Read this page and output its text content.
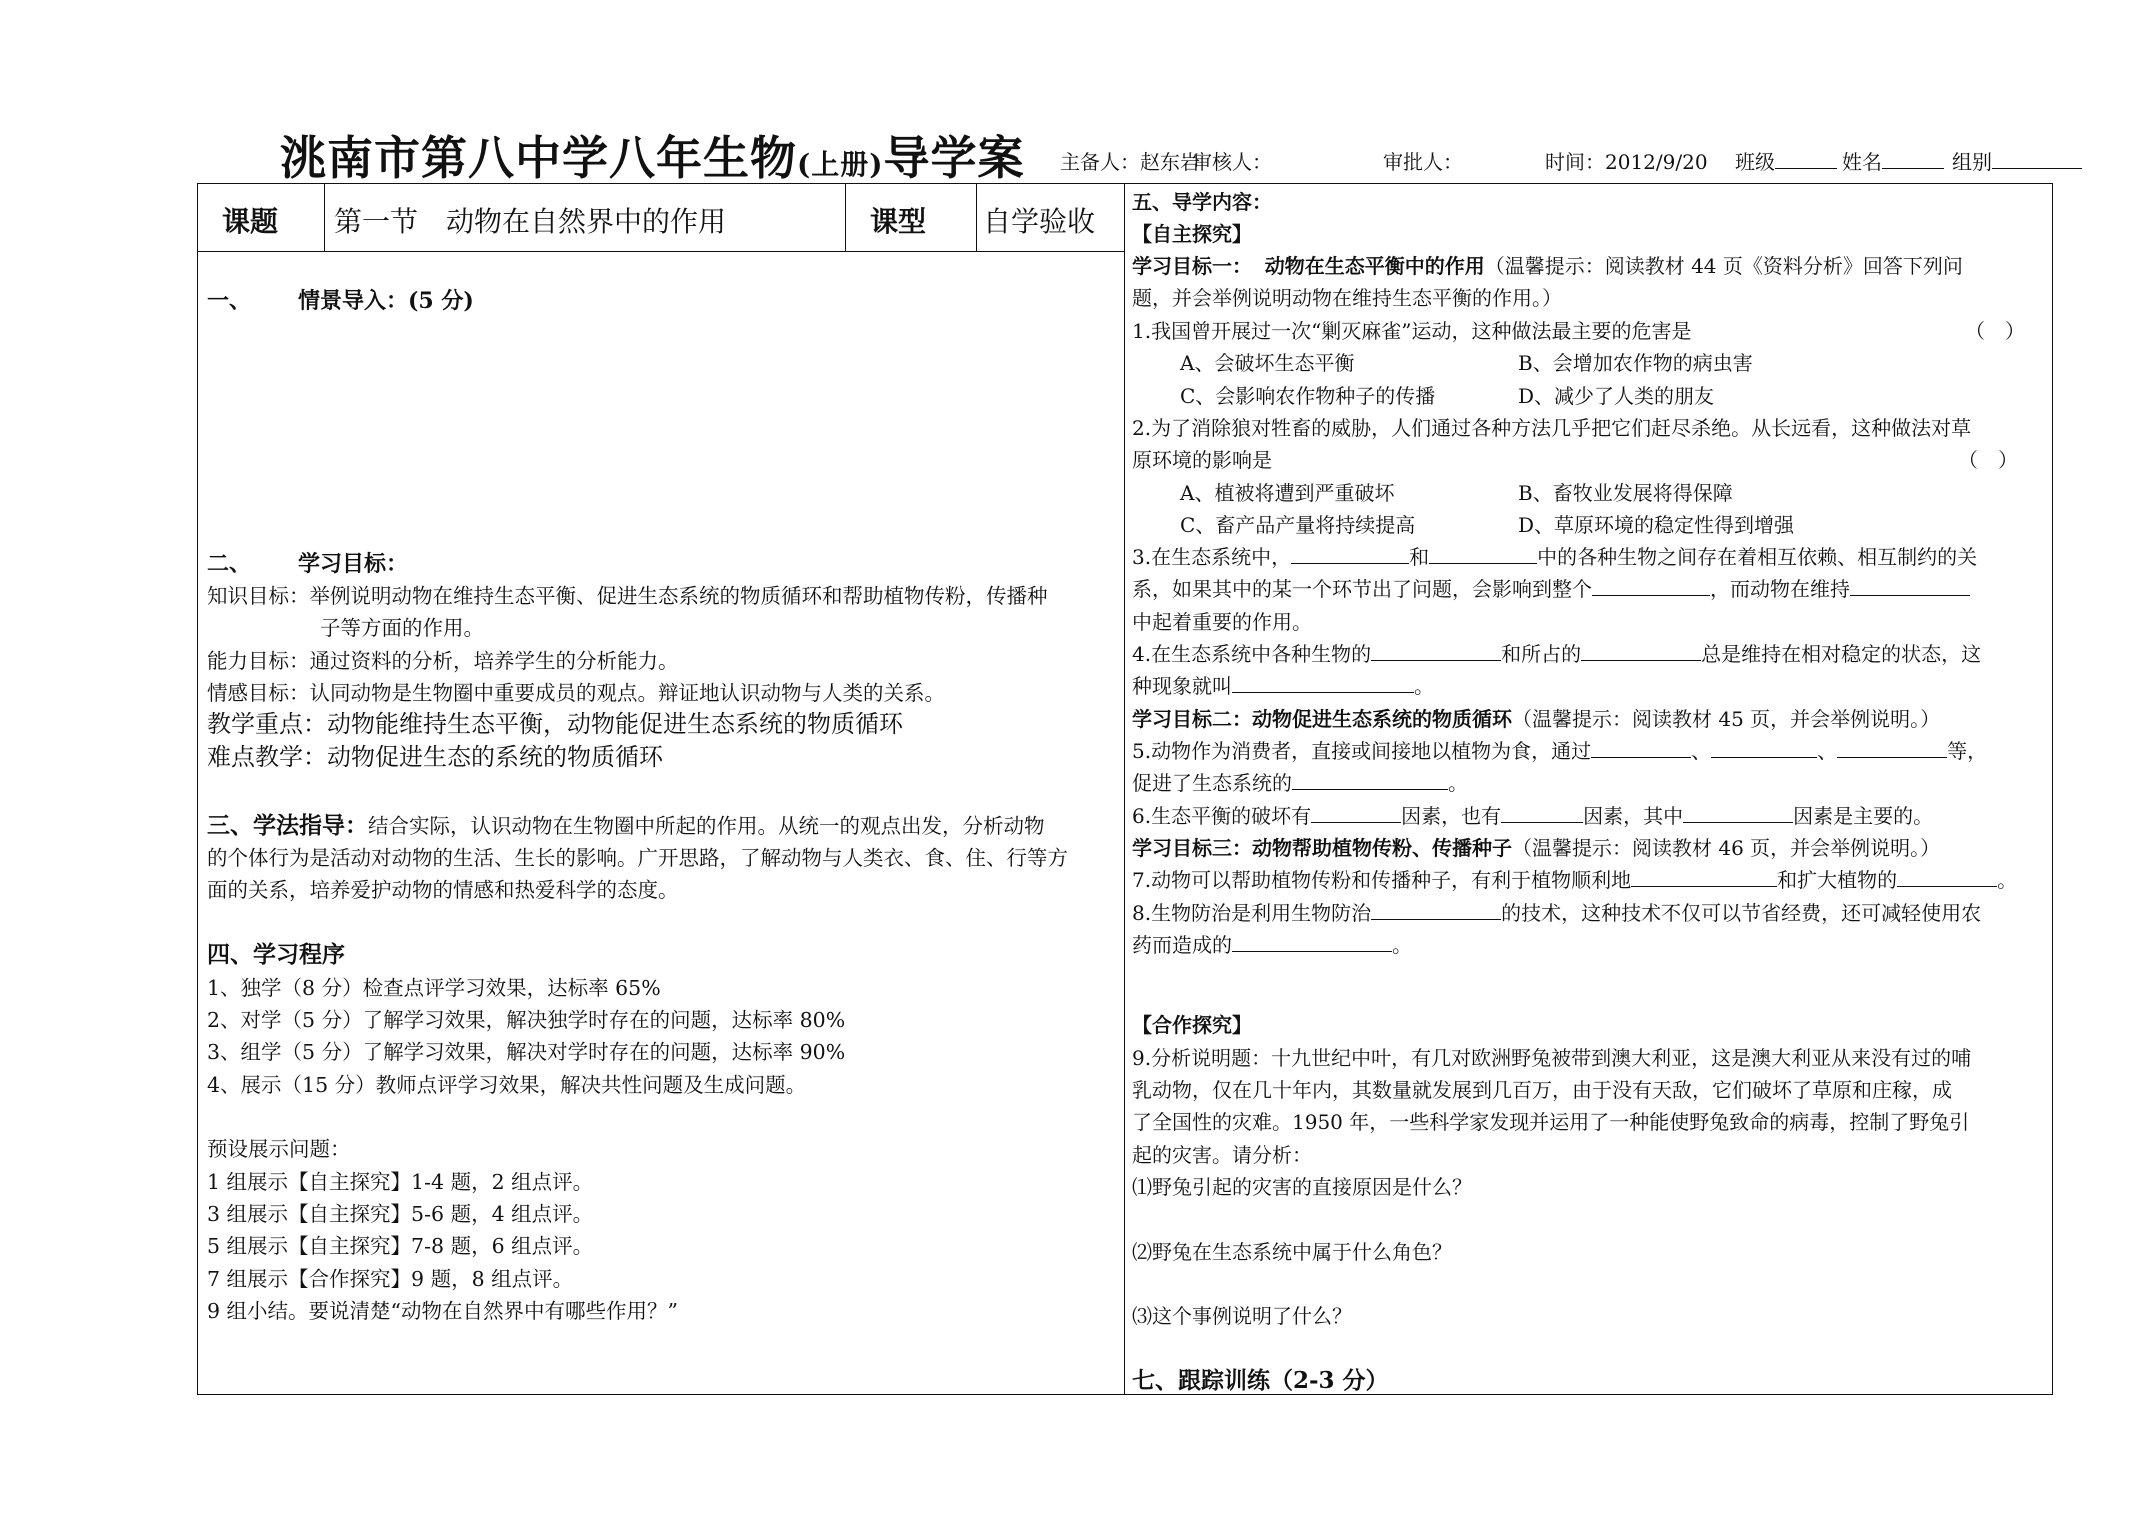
洮南市第八中学八年生物(上册)导学案 主备人：赵东岩
审核人：	审批人：	时间：2012/9/20 班级	姓名	组别
课题 第一节　动物在自然界中的作用	课型 自学验收
一、 情景导入：(5 分)
二、 学习目标：
知识目标：举例说明动物在维持生态平衡、促进生态系统的物质循环和帮助植物传粉，传播种
子等方面的作用。
能力目标：通过资料的分析，培养学生的分析能力。
情感目标：认同动物是生物圈中重要成员的观点。辩证地认识动物与人类的关系。
教学重点：动物能维持生态平衡，动物能促进生态系统的物质循环
难点教学：动物促进生态的系统的物质循环
三、学法指导：结合实际，认识动物在生物圈中所起的作用。从统一的观点出发，分析动物
的个体行为是活动对动物的生活、生长的影响。广开思路，了解动物与人类衣、食、住、行等方
面的关系，培养爱护动物的情感和热爱科学的态度。
四、学习程序
1、独学（8 分）检查点评学习效果，达标率 65%
2、对学（5 分）了解学习效果，解决独学时存在的问题，达标率 80%
3、组学（5 分）了解学习效果，解决对学时存在的问题，达标率 90%
4、展示（15 分）教师点评学习效果，解决共性问题及生成问题。
预设展示问题：
1 组展示【自主探究】1-4 题，2 组点评。
3 组展示【自主探究】5-6 题，4 组点评。
5 组展示【自主探究】7-8 题，6 组点评。
7 组展示【合作探究】9 题，8 组点评。
9 组小结。要说清楚“动物在自然界中有哪些作用？”
五、导学内容：
【自主探究】
学习目标一： 动物在生态平衡中的作用（温馨提示：阅读教材 44 页《资料分析》回答下列问
题，并会举例说明动物在维持生态平衡的作用。）
1.我国曾开展过一次“剿灭麻雀”运动，这种做法最主要的危害是	（　）
A、会破坏生态平衡	B、会增加农作物的病虫害
C、会影响农作物种子的传播	D、减少了人类的朋友
2.为了消除狼对牲畜的威胁，人们通过各种方法几乎把它们赶尽杀绝。从长远看，这种做法对草
原环境的影响是	（　）
A、植被将遭到严重破坏	B、畜牧业发展将得保障
C、畜产品产量将持续提高	D、草原环境的稳定性得到增强
3.在生态系统中，	和	中的各种生物之间存在着相互依赖、相互制约的关
系，如果其中的某一个环节出了问题，会影响到整个	，而动物在维持
中起着重要的作用。
4.在生态系统中各种生物的	和所占的	总是维持在相对稳定的状态，这
种现象就叫	。
学习目标二：动物促进生态系统的物质循环（温馨提示：阅读教材 45 页，并会举例说明。）
5.动物作为消费者，直接或间接地以植物为食，通过	、	、	等，
促进了生态系统的	。
6.生态平衡的破坏有	因素，也有	因素，其中	因素是主要的。
学习目标三：动物帮助植物传粉、传播种子（温馨提示：阅读教材 46 页，并会举例说明。）
7.动物可以帮助植物传粉和传播种子，有利于植物顺利地	和扩大植物的	。
8.生物防治是利用生物防治	的技术，这种技术不仅可以节省经费，还可减轻使用农
药而造成的	。
【合作探究】
9.分析说明题：十九世纪中叶，有几对欧洲野兔被带到澳大利亚，这是澳大利亚从来没有过的哺
乳动物，仅在几十年内，其数量就发展到几百万，由于没有天敌，它们破坏了草原和庄稼，成
了全国性的灾难。1950 年，一些科学家发现并运用了一种能使野兔致命的病毒，控制了野兔引
起的灾害。请分析：
⑴野兔引起的灾害的直接原因是什么？
⑵野兔在生态系统中属于什么角色？
⑶这个事例说明了什么？
七、跟踪训练（2-3 分）
